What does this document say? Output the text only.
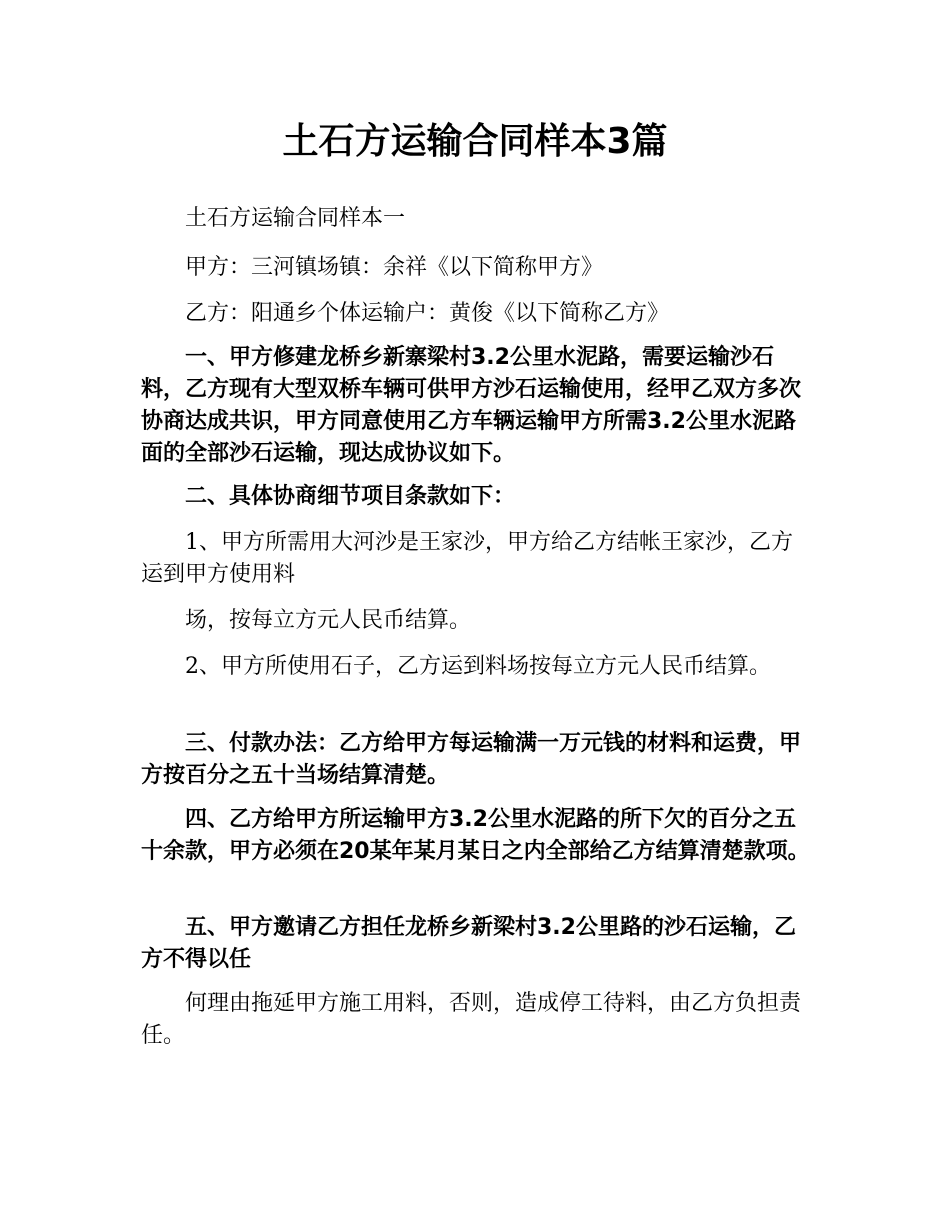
土石方运输合同样本3篇

土石方运输合同样本一

甲方：三河镇场镇：余祥《以下简称甲方》

乙方：阳通乡个体运输户：黄俊《以下简称乙方》

一、甲方修建龙桥乡新寨梁村3.2公里水泥路，需要运输沙石料，乙方现有大型双桥车辆可供甲方沙石运输使用，经甲乙双方多次协商达成共识，甲方同意使用乙方车辆运输甲方所需3.2公里水泥路面的全部沙石运输，现达成协议如下。

二、具体协商细节项目条款如下：

1、甲方所需用大河沙是王家沙，甲方给乙方结帐王家沙，乙方运到甲方使用料

场，按每立方元人民币结算。

2、甲方所使用石子，乙方运到料场按每立方元人民币结算。

三、付款办法：乙方给甲方每运输满一万元钱的材料和运费，甲方按百分之五十当场结算清楚。

四、乙方给甲方所运输甲方3.2公里水泥路的所下欠的百分之五十余款，甲方必须在20某年某月某日之内全部给乙方结算清楚款项。

五、甲方邀请乙方担任龙桥乡新梁村3.2公里路的沙石运输，乙方不得以任

何理由拖延甲方施工用料，否则，造成停工待料，由乙方负担责任。
